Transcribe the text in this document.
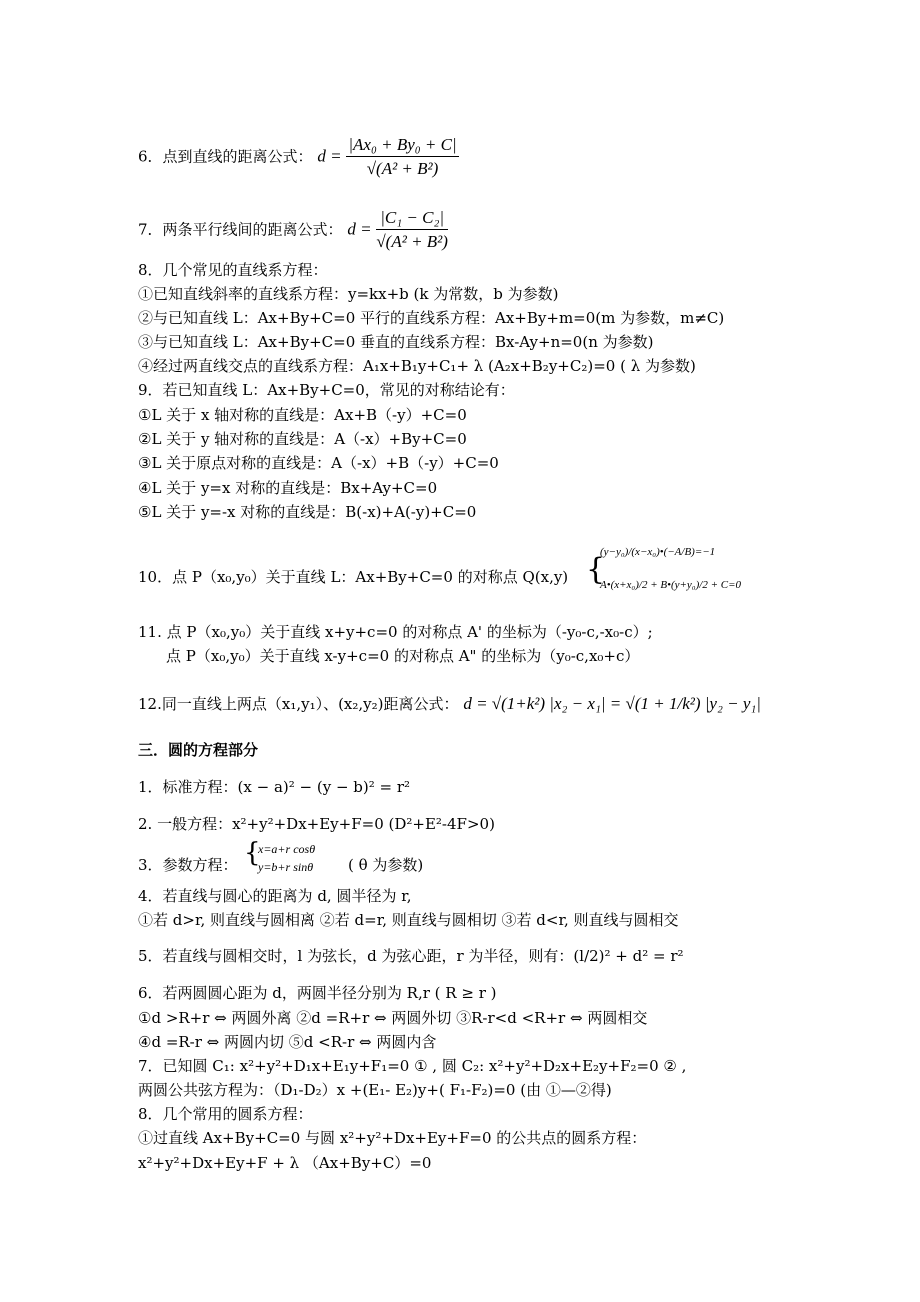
6．点到直线的距离公式： $d = \frac{\text{|Ax₀ + By₀ + C|}}{\text{√(A² + B²)}}$
7．两条平行线间的距离公式： $d = \frac{\text{|C₁ − C₂|}}{\text{√(A² + B²)}}$
8．几个常见的直线系方程：
①已知直线斜率的直线系方程：y=kx+b (k 为常数，b 为参数)
②与已知直线 L：Ax+By+C=0 平行的直线系方程：Ax+By+m=0(m 为参数，m≠C)
③与已知直线 L：Ax+By+C=0 垂直的直线系方程：Bx-Ay+n=0(n 为参数)
④经过两直线交点的直线系方程：A₁x+B₁y+C₁+ λ (A₂x+B₂y+C₂)=0 ( λ 为参数)
9．若已知直线 L：Ax+By+C=0，常见的对称结论有：
①L 关于 x 轴对称的直线是：Ax+B（-y）+C=0
②L 关于 y 轴对称的直线是：A（-x）+By+C=0
③L 关于原点对称的直线是：A（-x）+B（-y）+C=0
④L 关于 y=x 对称的直线是：Bx+Ay+C=0
⑤L 关于 y=-x 对称的直线是：B(-x)+A(-y)+C=0
10．点 P（x₀,y₀）关于直线 L：Ax+By+C=0 的对称点 Q(x,y) {
(y−y₀)/(x−x₀)•(−A/B)=−1
A•(x+x₀)/2 + B•(y+y₀)/2 + C=0
11. 点 P（x₀,y₀）关于直线 x+y+c=0 的对称点 A' 的坐标为（-y₀-c,-x₀-c）;
点 P（x₀,y₀）关于直线 x-y+c=0 的对称点 A" 的坐标为（y₀-c,x₀+c）
12.同一直线上两点（x₁,y₁）、(x₂,y₂)距离公式： d = √(1+k²) |x₂ − x₁| = √(1 + 1/k²) |y₂ − y₁|
三．圆的方程部分
1．标准方程：(x − a)² − (y − b)² = r²
2. 一般方程：x²+y²+Dx+Ey+F=0 (D²+E²-4F>0)
3．参数方程： {
x=a+r cosθ
y=b+r sinθ ( θ 为参数)
4．若直线与圆心的距离为 d, 圆半径为 r,
①若 d>r, 则直线与圆相离 ②若 d=r, 则直线与圆相切 ③若 d<r, 则直线与圆相交
5．若直线与圆相交时，l 为弦长，d 为弦心距，r 为半径，则有：(l/2)² + d² = r²
6．若两圆圆心距为 d，两圆半径分别为 R,r ( R ≥ r )
①d >R+r ⇔ 两圆外离 ②d =R+r ⇔ 两圆外切 ③R-r<d <R+r ⇔ 两圆相交
④d =R-r ⇔ 两圆内切 ⑤d <R-r ⇔ 两圆内含
7．已知圆 C₁: x²+y²+D₁x+E₁y+F₁=0 ① , 圆 C₂: x²+y²+D₂x+E₂y+F₂=0 ② ,
两圆公共弦方程为：（D₁-D₂）x +(E₁- E₂)y+( F₁-F₂)=0 (由 ①—②得)
8．几个常用的圆系方程：
①过直线 Ax+By+C=0 与圆 x²+y²+Dx+Ey+F=0 的公共点的圆系方程：
x²+y²+Dx+Ey+F + λ （Ax+By+C）=0
